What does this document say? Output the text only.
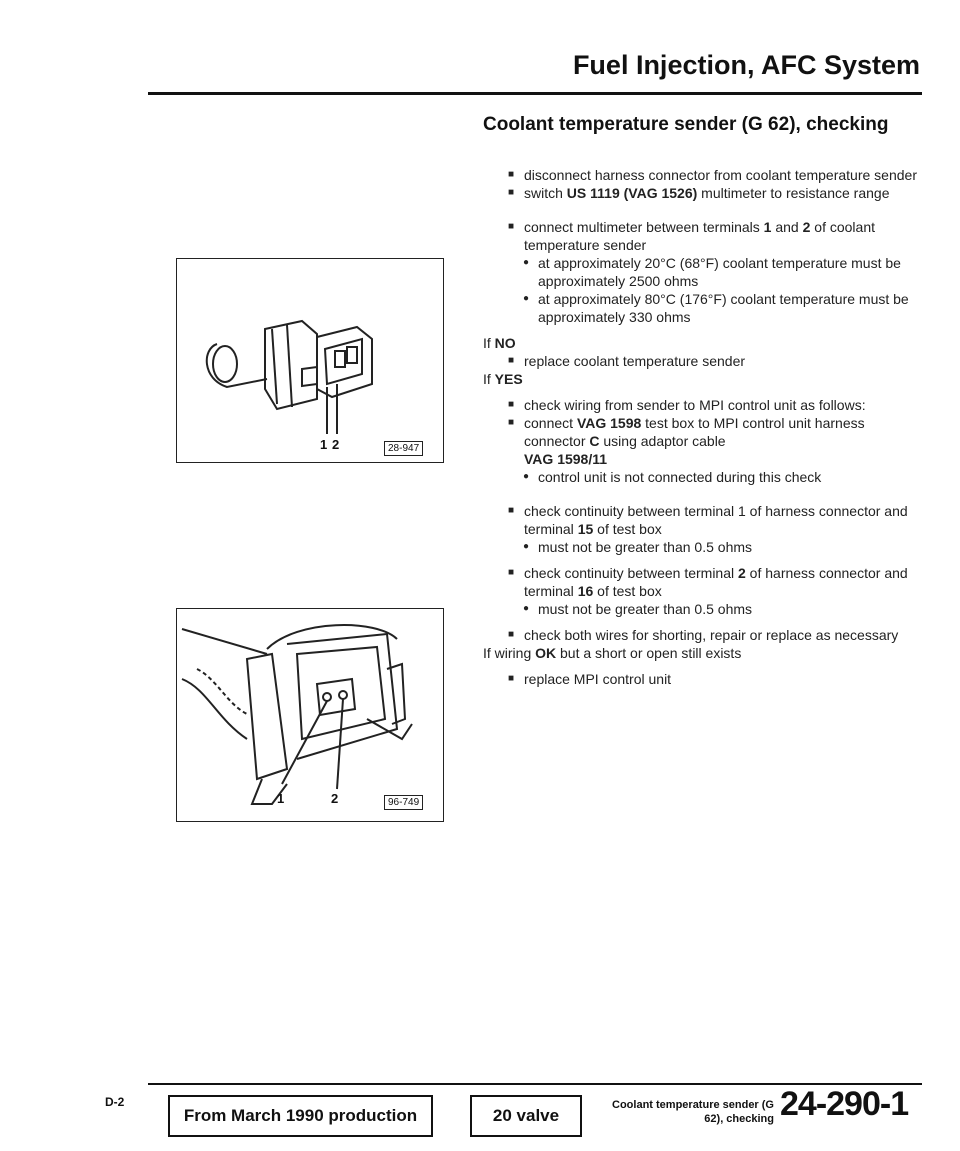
Fuel Injection, AFC System
Coolant temperature sender (G 62), checking
■ disconnect harness connector from coolant temperature sender
■ switch US 1119 (VAG 1526) multimeter to resistance range
■ connect multimeter between terminals 1 and 2 of coolant temperature sender
● at approximately 20°C (68°F) coolant temperature must be approximately 2500 ohms
● at approximately 80°C (176°F) coolant temperature must be approximately 330 ohms
If NO
■ replace coolant temperature sender
If YES
■ check wiring from sender to MPI control unit as follows:
■ connect VAG 1598 test box to MPI control unit harness connector C using adaptor cable
VAG 1598/11
● control unit is not connected during this check
■ check continuity between terminal 1 of harness connector and terminal 15 of test box
● must not be greater than 0.5 ohms
■ check continuity between terminal 2 of harness connector and terminal 16 of test box
● must not be greater than 0.5 ohms
■ check both wires for shorting, repair or replace as necessary
If wiring OK but a short or open still exists
■ replace MPI control unit
1 2	28-947
1	2	96-749
D-2
From March 1990 production	20 valve
Coolant temperature sender (G 62), checking 24-290-1
